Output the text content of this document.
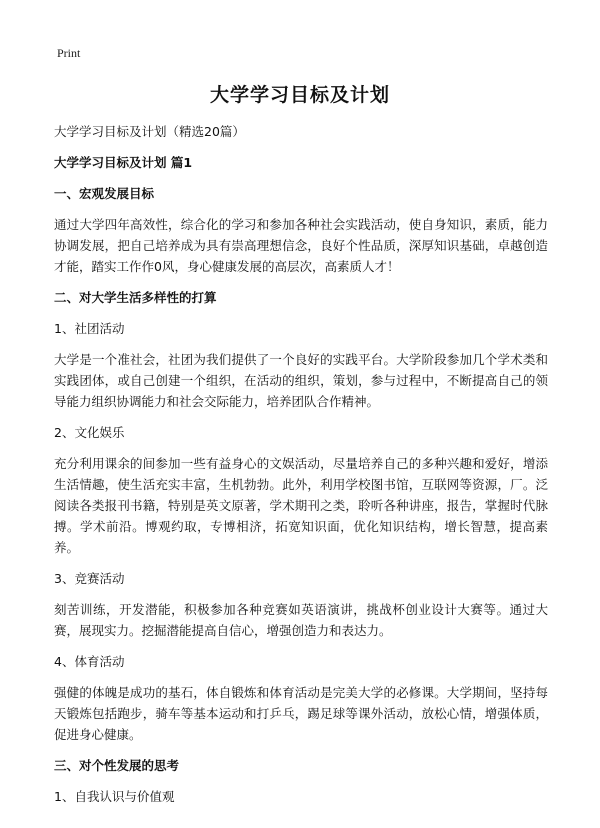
Print
大学学习目标及计划

大学学习目标及计划（精选20篇）

大学学习目标及计划 篇1

一、宏观发展目标

通过大学四年高效性，综合化的学习和参加各种社会实践活动，使自身知识，素质，能力协调发展，把自己培养成为具有崇高理想信念，良好个性品质，深厚知识基础，卓越创造才能，踏实工作作0风，身心健康发展的高层次，高素质人才！

二、对大学生活多样性的打算

1、社团活动

大学是一个准社会，社团为我们提供了一个良好的实践平台。大学阶段参加几个学术类和实践团体，或自己创建一个组织，在活动的组织，策划，参与过程中，不断提高自己的领导能力组织协调能力和社会交际能力，培养团队合作精神。

2、文化娱乐

充分利用课余的间参加一些有益身心的文娱活动，尽量培养自己的多种兴趣和爱好，增添生活情趣，使生活充实丰富，生机勃勃。此外，利用学校图书馆，互联网等资源，厂。泛阅读各类报刊书籍，特别是英文原著，学术期刊之类，聆听各种讲座，报告，掌握时代脉搏。学术前沿。博观约取，专博相济，拓宽知识面，优化知识结构，增长智慧，提高素养。

3、竞赛活动

刻苦训练，开发潜能，积极参加各种竞赛如英语演讲，挑战杯创业设计大赛等。通过大赛，展现实力。挖掘潜能提高自信心，增强创造力和表达力。

4、体育活动

强健的体魄是成功的基石，体自锻炼和体育活动是完美大学的必修课。大学期间，坚持每天锻炼包括跑步，骑车等基本运动和打乒乓，踢足球等课外活动，放松心情，增强体质，促进身心健康。

三、对个性发展的思考

1、自我认识与价值观
